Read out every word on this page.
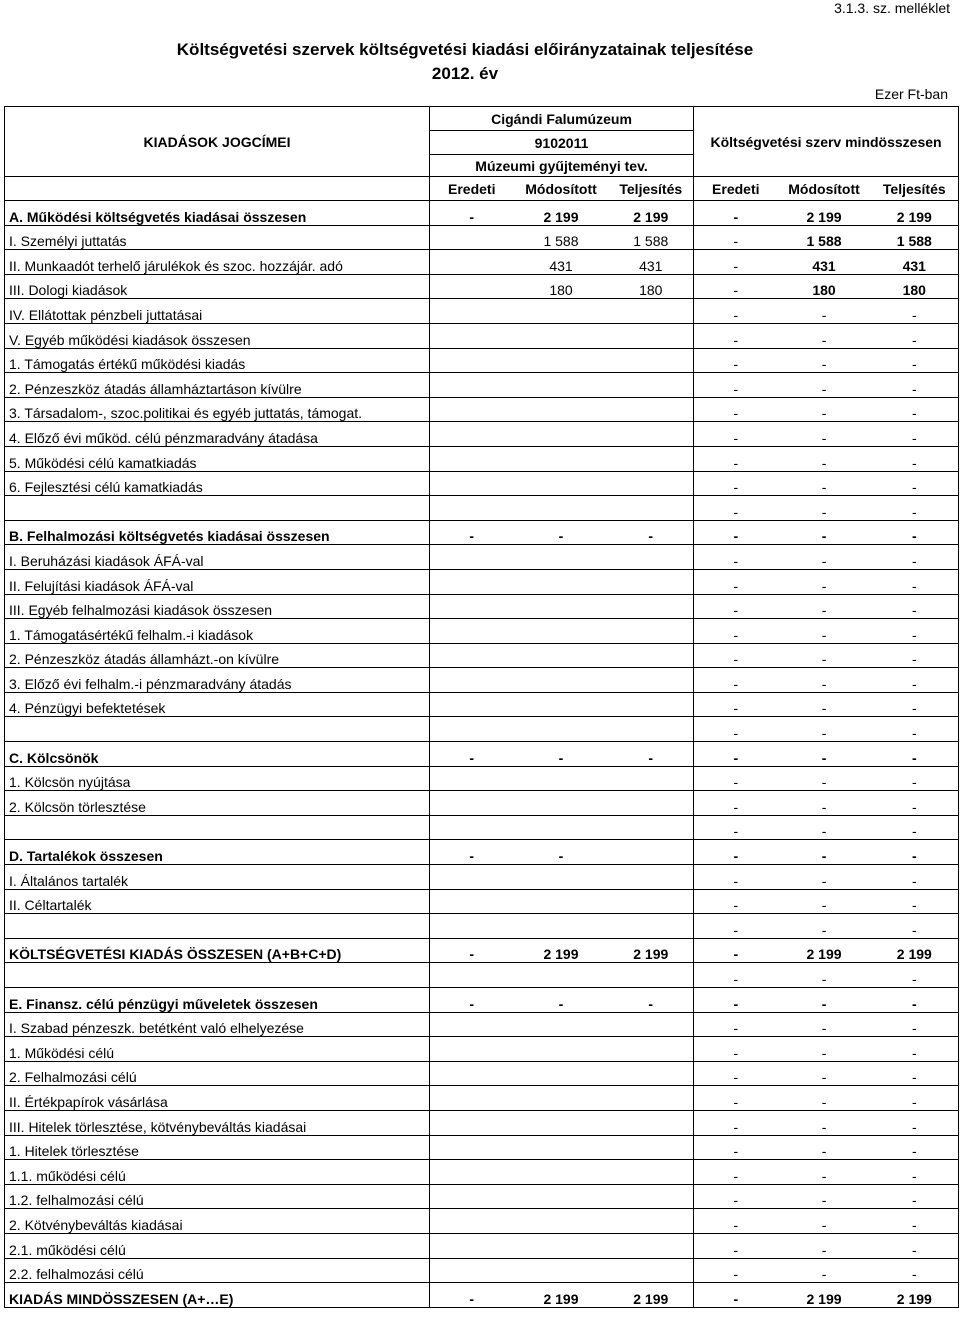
3.1.3. sz. melléklet
Költségvetési szervek költségvetési kiadási előirányzatainak teljesítése
2012. év
Ezer Ft-ban
KIADÁSOK JOGCÍMEI	Cigándi Falumúzeum			Költségvetési szerv mindösszesen		
	9102011					
	Múzeumi gyűjteményi tev.					
	Eredeti	Módosított	Teljesítés	Eredeti	Módosított	Teljesítés
A. Működési költségvetés kiadásai összesen	-	2 199	2 199	-	2 199	2 199
I. Személyi juttatás		1 588	1 588	-	1 588	1 588
II. Munkaadót terhelő járulékok és szoc. hozzájár. adó		431	431	-	431	431
III. Dologi kiadások		180	180	-	180	180
IV. Ellátottak pénzbeli juttatásai				-	-	-
V. Egyéb működési kiadások összesen				-	-	-
1. Támogatás értékű működési kiadás				-	-	-
2. Pénzeszköz átadás államháztartáson kívülre				-	-	-
3. Társadalom-, szoc.politikai és egyéb juttatás, támogat.				-	-	-
4. Előző évi működ. célú pénzmaradvány átadása				-	-	-
5. Működési célú kamatkiadás				-	-	-
6. Fejlesztési célú kamatkiadás				-	-	-
				-	-	-
B. Felhalmozási költségvetés kiadásai összesen	-	-	-	-	-	-
I. Beruházási kiadások ÁFÁ-val				-	-	-
II. Felujítási kiadások ÁFÁ-val				-	-	-
III. Egyéb felhalmozási kiadások összesen				-	-	-
1. Támogatásértékű felhalm.-i kiadások				-	-	-
2. Pénzeszköz átadás államházt.-on kívülre				-	-	-
3. Előző évi felhalm.-i pénzmaradvány átadás				-	-	-
4. Pénzügyi befektetések				-	-	-
				-	-	-
C. Kölcsönök	-	-	-	-	-	-
1. Kölcsön nyújtása				-	-	-
2. Kölcsön törlesztése				-	-	-
				-	-	-
D. Tartalékok összesen	-	-		-	-	-
I. Általános tartalék				-	-	-
II. Céltartalék				-	-	-
				-	-	-
KÖLTSÉGVETÉSI KIADÁS ÖSSZESEN (A+B+C+D)	-	2 199	2 199	-	2 199	2 199
				-	-	-
E. Finansz. célú pénzügyi műveletek összesen	-	-	-	-	-	-
I. Szabad pénzeszk. betétként való elhelyezése				-	-	-
1. Működési célú				-	-	-
2. Felhalmozási célú				-	-	-
II. Értékpapírok vásárlása				-	-	-
III. Hitelek törlesztése, kötvénybeváltás kiadásai				-	-	-
1. Hitelek törlesztése				-	-	-
1.1. működési célú				-	-	-
1.2. felhalmozási célú				-	-	-
2. Kötvénybeváltás kiadásai				-	-	-
2.1. működési célú				-	-	-
2.2. felhalmozási célú				-	-	-
KIADÁS MINDÖSSZESEN (A+…E)	-	2 199	2 199	-	2 199	2 199
